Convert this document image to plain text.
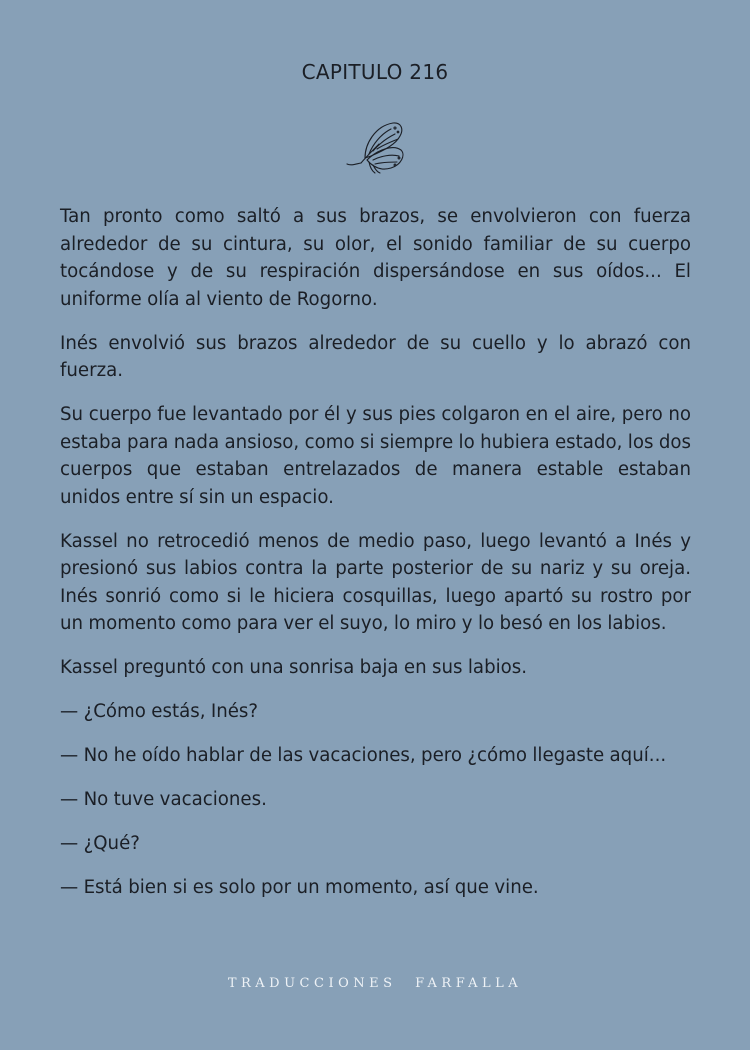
CAPITULO 216

Tan pronto como saltó a sus brazos, se envolvieron con fuerza alrededor de su cintura, su olor, el sonido familiar de su cuerpo tocándose y de su respiración dispersándose en sus oídos... El uniforme olía al viento de Rogorno.

Inés envolvió sus brazos alrededor de su cuello y lo abrazó con fuerza.

Su cuerpo fue levantado por él y sus pies colgaron en el aire, pero no estaba para nada ansioso, como si siempre lo hubiera estado, los dos cuerpos que estaban entrelazados de manera estable estaban unidos entre sí sin un espacio.

Kassel no retrocedió menos de medio paso, luego levantó a Inés y presionó sus labios contra la parte posterior de su nariz y su oreja. Inés sonrió como si le hiciera cosquillas, luego apartó su rostro por un momento como para ver el suyo, lo miro y lo besó en los labios.

Kassel preguntó con una sonrisa baja en sus labios.

— ¿Cómo estás, Inés?

— No he oído hablar de las vacaciones, pero ¿cómo llegaste aquí...

— No tuve vacaciones.

— ¿Qué?

— Está bien si es solo por un momento, así que vine.

TRADUCCIONES FARFALLA
